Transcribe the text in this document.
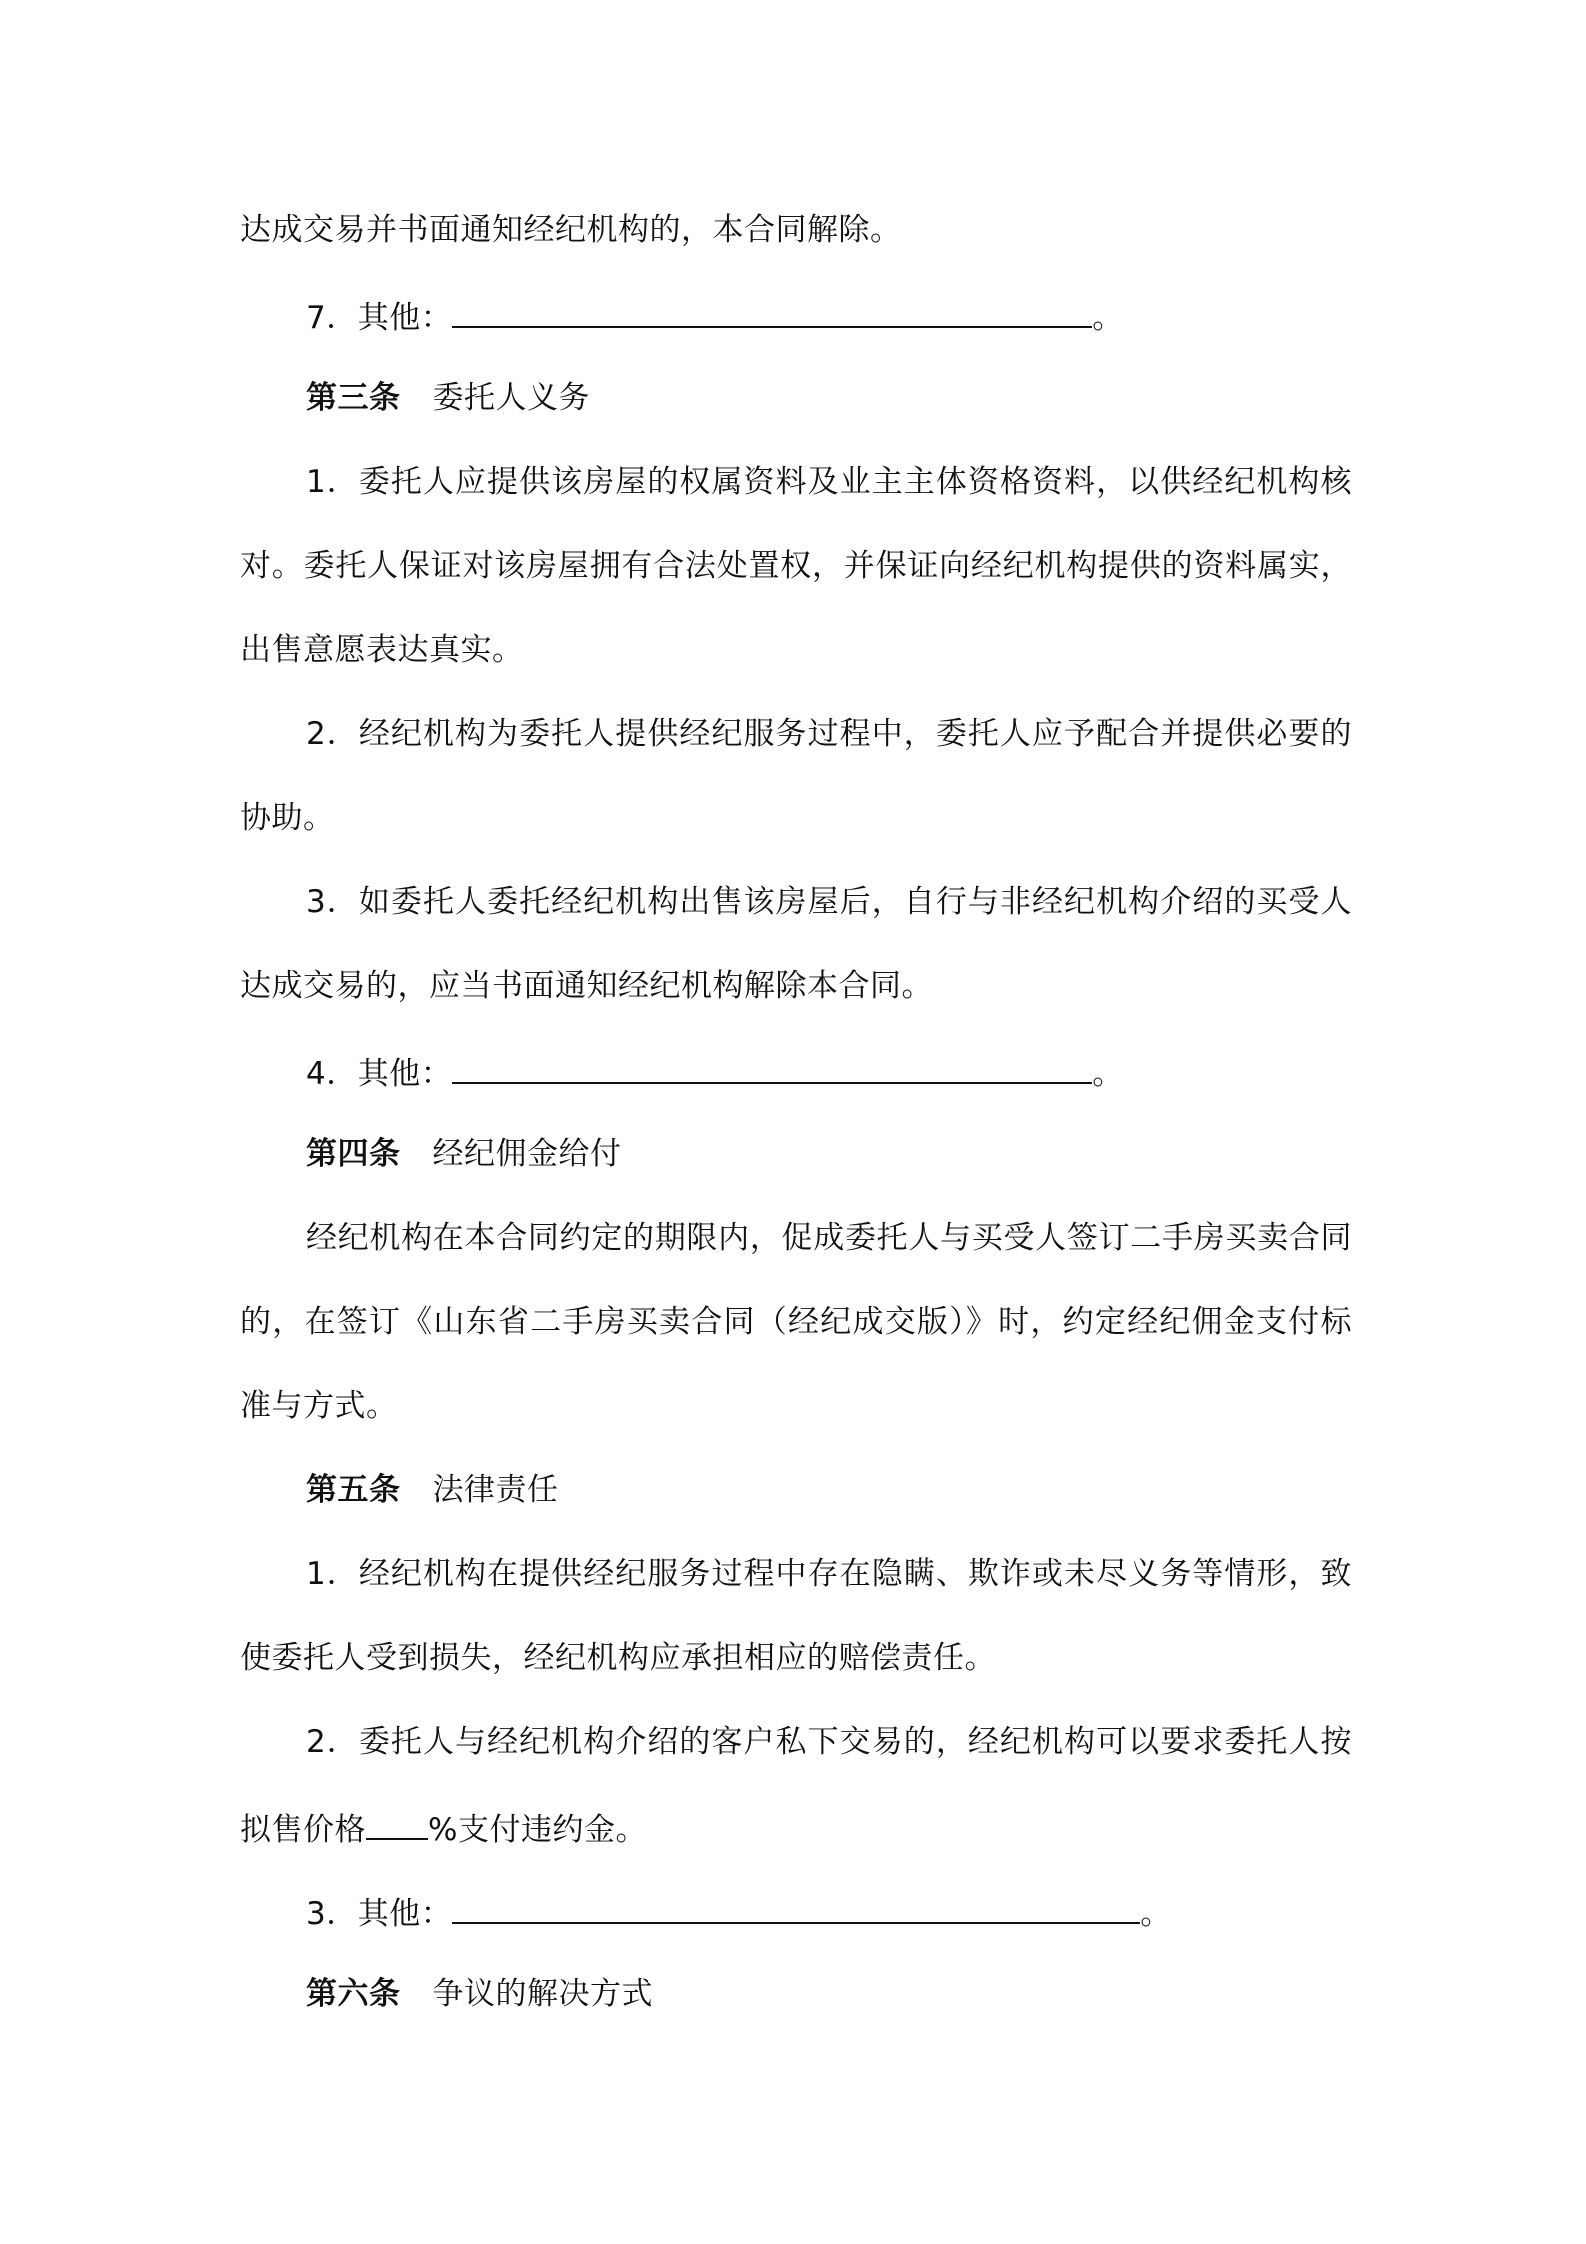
达成交易并书面通知经纪机构的，本合同解除。
7．其他：	。
第三条 委托人义务
1．委托人应提供该房屋的权属资料及业主主体资格资料，以供经纪机构核
对。委托人保证对该房屋拥有合法处置权，并保证向经纪机构提供的资料属实，
出售意愿表达真实。
2．经纪机构为委托人提供经纪服务过程中，委托人应予配合并提供必要的
协助。
3．如委托人委托经纪机构出售该房屋后，自行与非经纪机构介绍的买受人
达成交易的，应当书面通知经纪机构解除本合同。
4．其他：	。
第四条 经纪佣金给付
经纪机构在本合同约定的期限内，促成委托人与买受人签订二手房买卖合同
的，在签订《山东省二手房买卖合同（经纪成交版）》时，约定经纪佣金支付标
准与方式。
第五条 法律责任
1．经纪机构在提供经纪服务过程中存在隐瞒、欺诈或未尽义务等情形，致
使委托人受到损失，经纪机构应承担相应的赔偿责任。
2．委托人与经纪机构介绍的客户私下交易的，经纪机构可以要求委托人按
拟售价格 %支付违约金。
3．其他：	。
第六条 争议的解决方式
